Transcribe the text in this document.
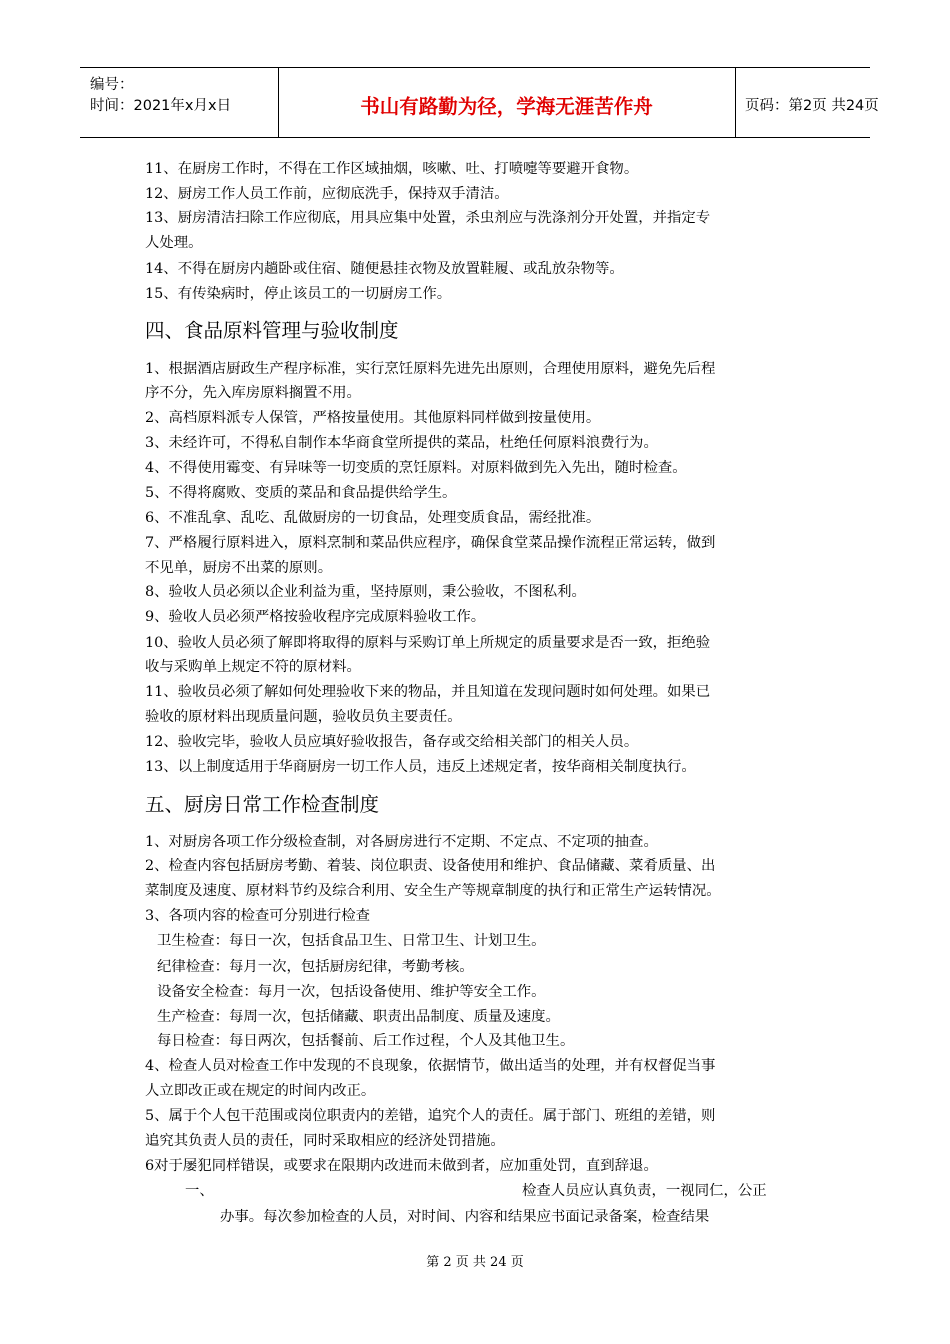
编号：
时间：2021年x月x日	书山有路勤为径，学海无涯苦作舟	页码：第2页 共24页
11、在厨房工作时，不得在工作区域抽烟，咳嗽、吐、打喷嚏等要避开食物。
12、厨房工作人员工作前，应彻底洗手，保持双手清洁。
13、厨房清洁扫除工作应彻底，用具应集中处置，杀虫剂应与洗涤剂分开处置，并指定专
人处理。
14、不得在厨房内趟卧或住宿、随便悬挂衣物及放置鞋履、或乱放杂物等。
15、有传染病时，停止该员工的一切厨房工作。
四、食品原料管理与验收制度
1、根据酒店厨政生产程序标准，实行烹饪原料先进先出原则，合理使用原料，避免先后程
序不分，先入库房原料搁置不用。
2、高档原料派专人保管，严格按量使用。其他原料同样做到按量使用。
3、未经许可，不得私自制作本华商食堂所提供的菜品，杜绝任何原料浪费行为。
4、不得使用霉变、有异味等一切变质的烹饪原料。对原料做到先入先出，随时检查。
5、不得将腐败、变质的菜品和食品提供给学生。
6、不准乱拿、乱吃、乱做厨房的一切食品，处理变质食品，需经批准。
7、严格履行原料进入，原料烹制和菜品供应程序，确保食堂菜品操作流程正常运转，做到
不见单，厨房不出菜的原则。
8、验收人员必须以企业利益为重，坚持原则，秉公验收，不图私利。
9、验收人员必须严格按验收程序完成原料验收工作。
10、验收人员必须了解即将取得的原料与采购订单上所规定的质量要求是否一致，拒绝验
收与采购单上规定不符的原材料。
11、验收员必须了解如何处理验收下来的物品，并且知道在发现问题时如何处理。如果已
验收的原材料出现质量问题，验收员负主要责任。
12、验收完毕，验收人员应填好验收报告，备存或交给相关部门的相关人员。
13、以上制度适用于华商厨房一切工作人员，违反上述规定者，按华商相关制度执行。
五、厨房日常工作检查制度
1、对厨房各项工作分级检查制，对各厨房进行不定期、不定点、不定项的抽查。
2、检查内容包括厨房考勤、着装、岗位职责、设备使用和维护、食品储藏、菜肴质量、出
菜制度及速度、原材料节约及综合利用、安全生产等规章制度的执行和正常生产运转情况。
3、各项内容的检查可分别进行检查
卫生检查：每日一次，包括食品卫生、日常卫生、计划卫生。
纪律检查：每月一次，包括厨房纪律，考勤考核。
设备安全检查：每月一次，包括设备使用、维护等安全工作。
生产检查：每周一次，包括储藏、职责出品制度、质量及速度。
每日检查：每日两次，包括餐前、后工作过程，个人及其他卫生。
4、检查人员对检查工作中发现的不良现象，依据情节，做出适当的处理，并有权督促当事
人立即改正或在规定的时间内改正。
5、属于个人包干范围或岗位职责内的差错，追究个人的责任。属于部门、班组的差错，则
追究其负责人员的责任，同时采取相应的经济处罚措施。
6对于屡犯同样错误，或要求在限期内改进而未做到者，应加重处罚，直到辞退。
一、	检查人员应认真负责，一视同仁，公正
办事。每次参加检查的人员，对时间、内容和结果应书面记录备案，检查结果
第 2 页 共 24 页
